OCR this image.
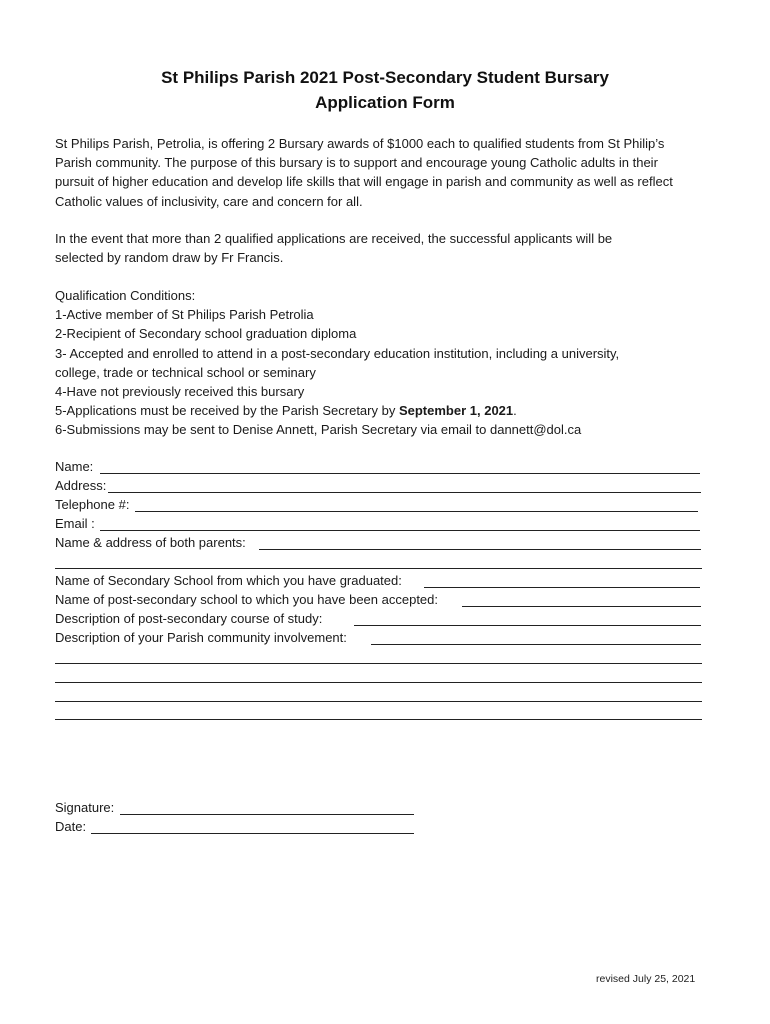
St Philips Parish 2021 Post-Secondary Student Bursary
Application Form
St Philips Parish, Petrolia, is offering 2 Bursary awards of $1000 each to qualified students from St Philip’s
Parish community. The purpose of this bursary is to support and encourage young Catholic adults in their
pursuit of higher education and develop life skills that will engage in parish and community as well as reflect
Catholic values of inclusivity, care and concern for all.
In the event that more than 2 qualified applications are received, the successful applicants will be
selected by random draw by Fr Francis.
Qualification Conditions:
1-Active member of St Philips Parish Petrolia
2-Recipient of Secondary school graduation diploma
3- Accepted and enrolled to attend in a post-secondary education institution, including a university,
college, trade or technical school or seminary
4-Have not previously received this bursary
5-Applications must be received by the Parish Secretary by September 1, 2021.
6-Submissions may be sent to Denise Annett, Parish Secretary via email to dannett@dol.ca
Name:
Address:
Telephone #:
Email :
Name & address of both parents:
Name of Secondary School from which you have graduated:
Name of post-secondary school to which you have been accepted:
Description of post-secondary course of study:
Description of your Parish community involvement:
Signature:
Date:
revised July 25, 2021
